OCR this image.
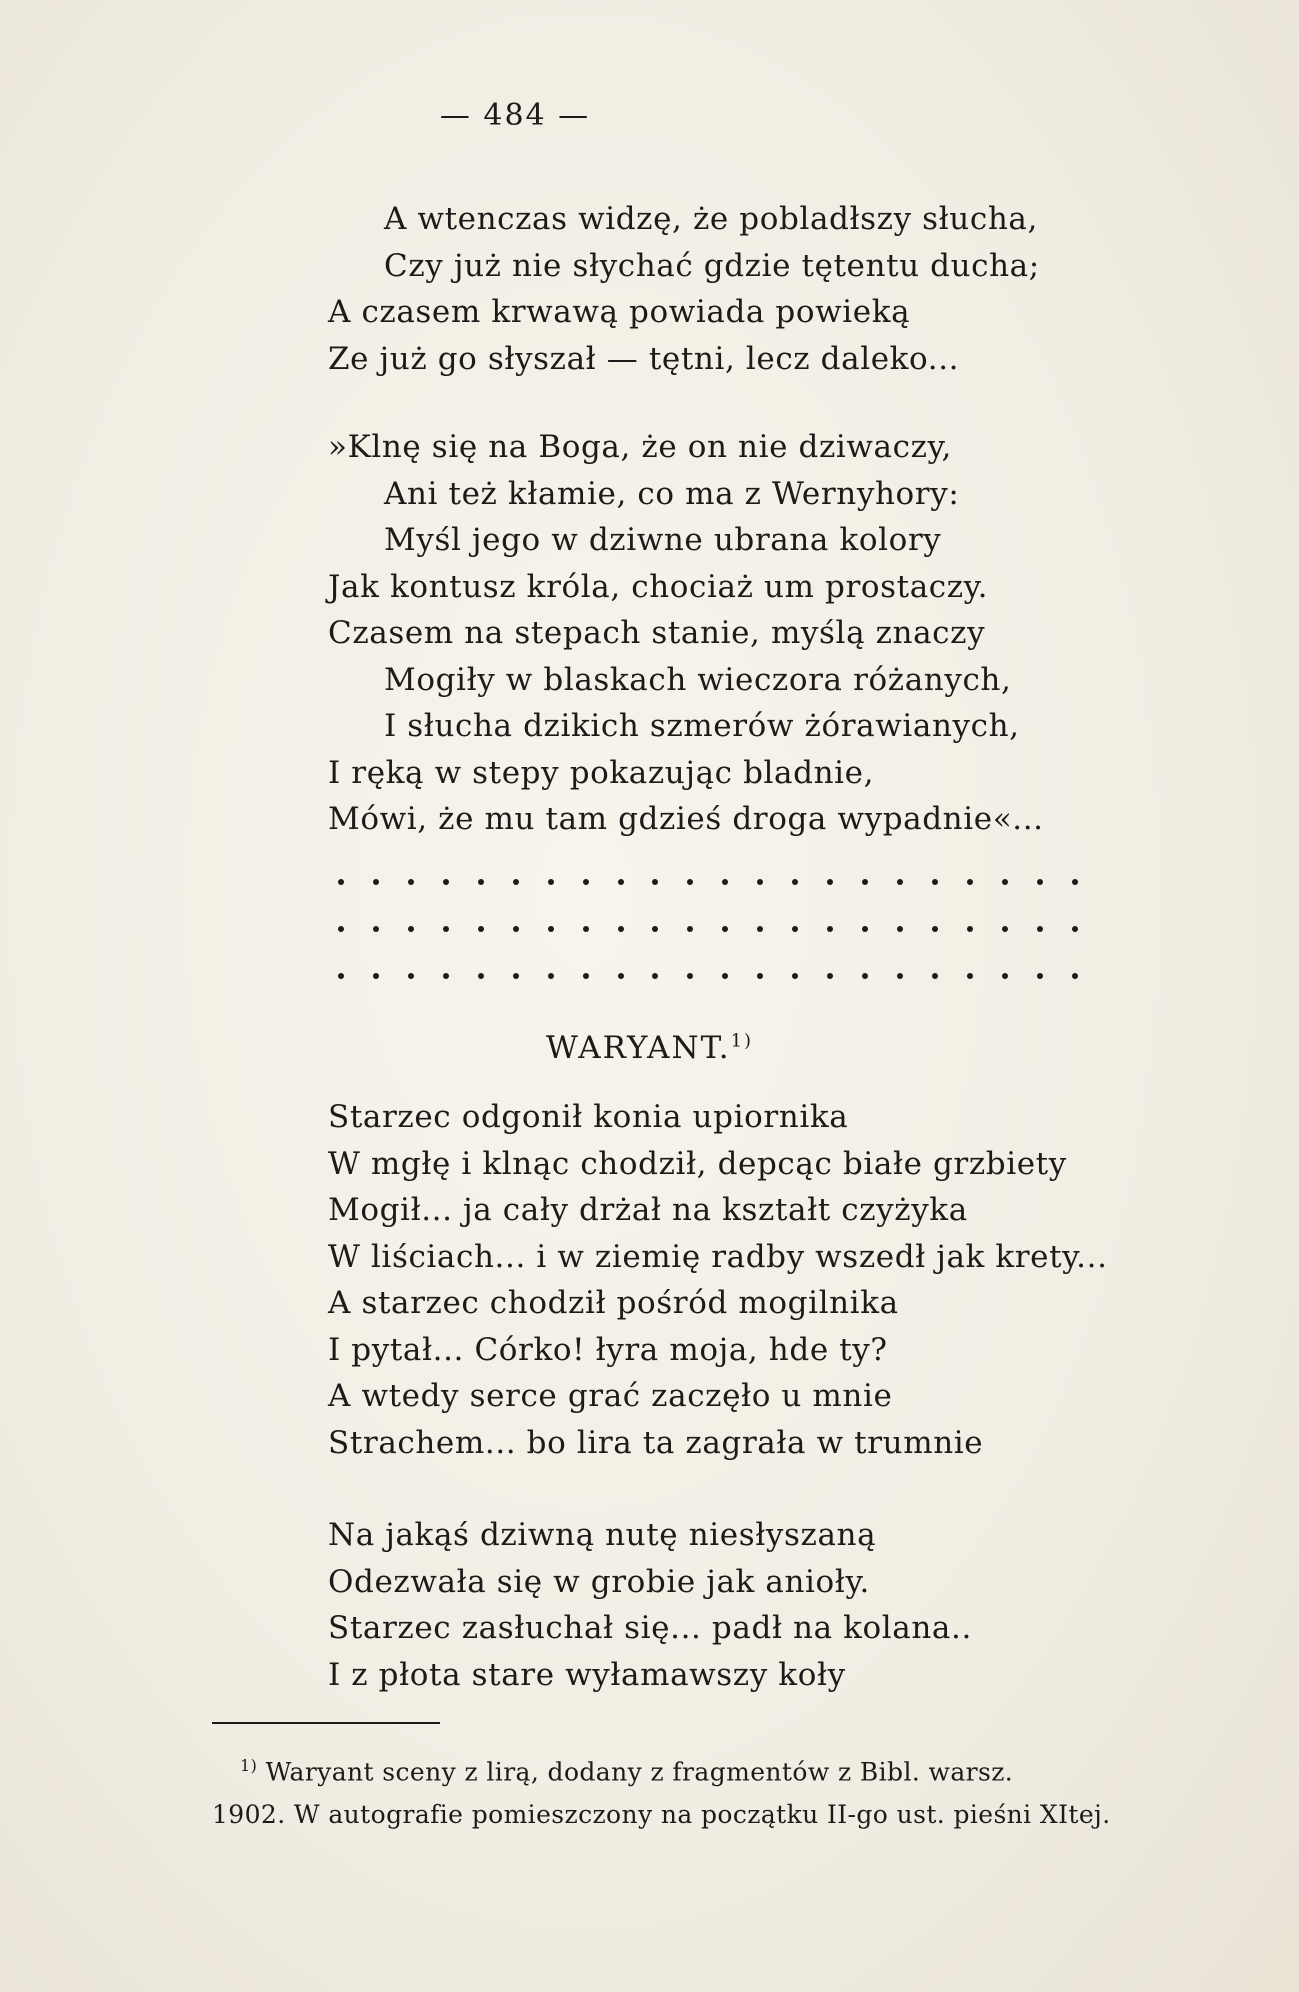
— 484 —
A wtenczas widzę, że pobladłszy słucha,
Czy już nie słychać gdzie tętentu ducha;
A czasem krwawą powiada powieką
Ze już go słyszał — tętni, lecz daleko...
»Klnę się na Boga, że on nie dziwaczy,
Ani też kłamie, co ma z Wernyhory:
Myśl jego w dziwne ubrana kolory
Jak kontusz króla, chociaż um prostaczy.
Czasem na stepach stanie, myślą znaczy
Mogiły w blaskach wieczora różanych,
I słucha dzikich szmerów żórawianych,
I ręką w stepy pokazując bladnie,
Mówi, że mu tam gdzieś droga wypadnie«...
WARYANT.$^{1)}$
Starzec odgonił konia upiornika
W mgłę i klnąc chodził, depcąc białe grzbiety
Mogił... ja cały drżał na kształt czyżyka
W liściach... i w ziemię radby wszedł jak krety...
A starzec chodził pośród mogilnika
I pytał... Córko! łyra moja, hde ty?
A wtedy serce grać zaczęło u mnie
Strachem... bo lira ta zagrała w trumnie
Na jakąś dziwną nutę niesłyszaną
Odezwała się w grobie jak anioły.
Starzec zasłuchał się... padł na kolana..
I z płota stare wyłamawszy koły
$^{1)}$ Waryant sceny z lirą, dodany z fragmentów z Bibl. warsz.
1902. W autografie pomieszczony na początku II-go ust. pieśni XItej.
